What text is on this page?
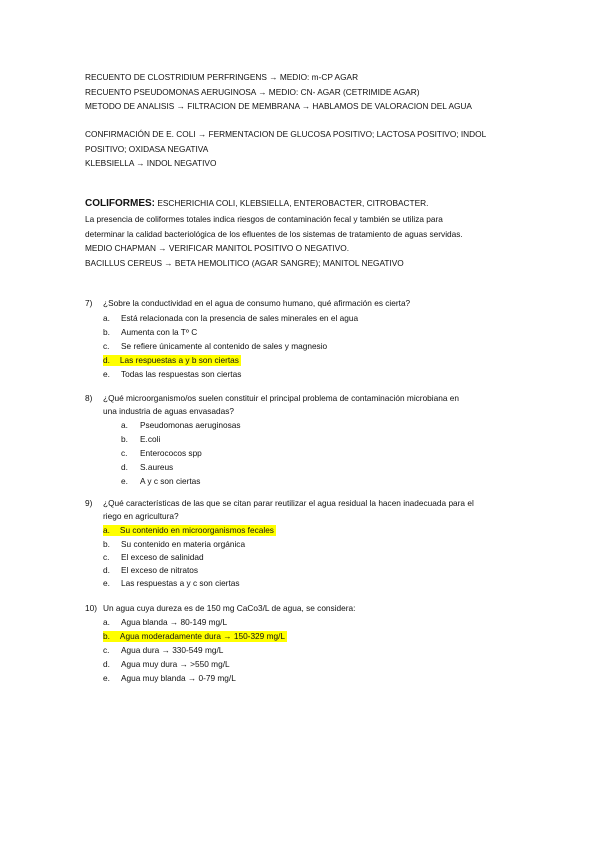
RECUENTO DE CLOSTRIDIUM PERFRINGENS → MEDIO: m-CP AGAR
RECUENTO PSEUDOMONAS AERUGINOSA → MEDIO: CN- AGAR (CETRIMIDE AGAR)
METODO DE ANALISIS → FILTRACION DE MEMBRANA → HABLAMOS DE VALORACION DEL AGUA
CONFIRMACIÓN DE E. COLI → FERMENTACION DE GLUCOSA POSITIVO; LACTOSA POSITIVO; INDOL
POSITIVO; OXIDASA NEGATIVA
KLEBSIELLA → INDOL NEGATIVO
COLIFORMES: ESCHERICHIA COLI, KLEBSIELLA, ENTEROBACTER, CITROBACTER.
La presencia de coliformes totales indica riesgos de contaminación fecal y también se utiliza para
determinar la calidad bacteriológica de los efluentes de los sistemas de tratamiento de aguas servidas.
MEDIO CHAPMAN → VERIFICAR MANITOL POSITIVO O NEGATIVO.
BACILLUS CEREUS → BETA HEMOLITICO (AGAR SANGRE); MANITOL NEGATIVO
7) ¿Sobre la conductividad en el agua de consumo humano, qué afirmación es cierta?
a. Está relacionada con la presencia de sales minerales en el agua
b. Aumenta con la Tº C
c. Se refiere únicamente al contenido de sales y magnesio
d. Las respuestas a y b son ciertas
e. Todas las respuestas son ciertas
8) ¿Qué microorganismo/os suelen constituir el principal problema de contaminación microbiana en
una industria de aguas envasadas?
a. Pseudomonas aeruginosas
b. E.coli
c. Enterococos spp
d. S.aureus
e. A y c son ciertas
9) ¿Qué características de las que se citan parar reutilizar el agua residual la hacen inadecuada para el
riego en agricultura?
a. Su contenido en microorganismos fecales
b. Su contenido en materia orgánica
c. El exceso de salinidad
d. El exceso de nitratos
e. Las respuestas a y c son ciertas
10) Un agua cuya dureza es de 150 mg CaCo3/L de agua, se considera:
a. Agua blanda → 80-149 mg/L
b. Agua moderadamente dura → 150-329 mg/L
c. Agua dura → 330-549 mg/L
d. Agua muy dura → >550 mg/L
e. Agua muy blanda → 0-79 mg/L
